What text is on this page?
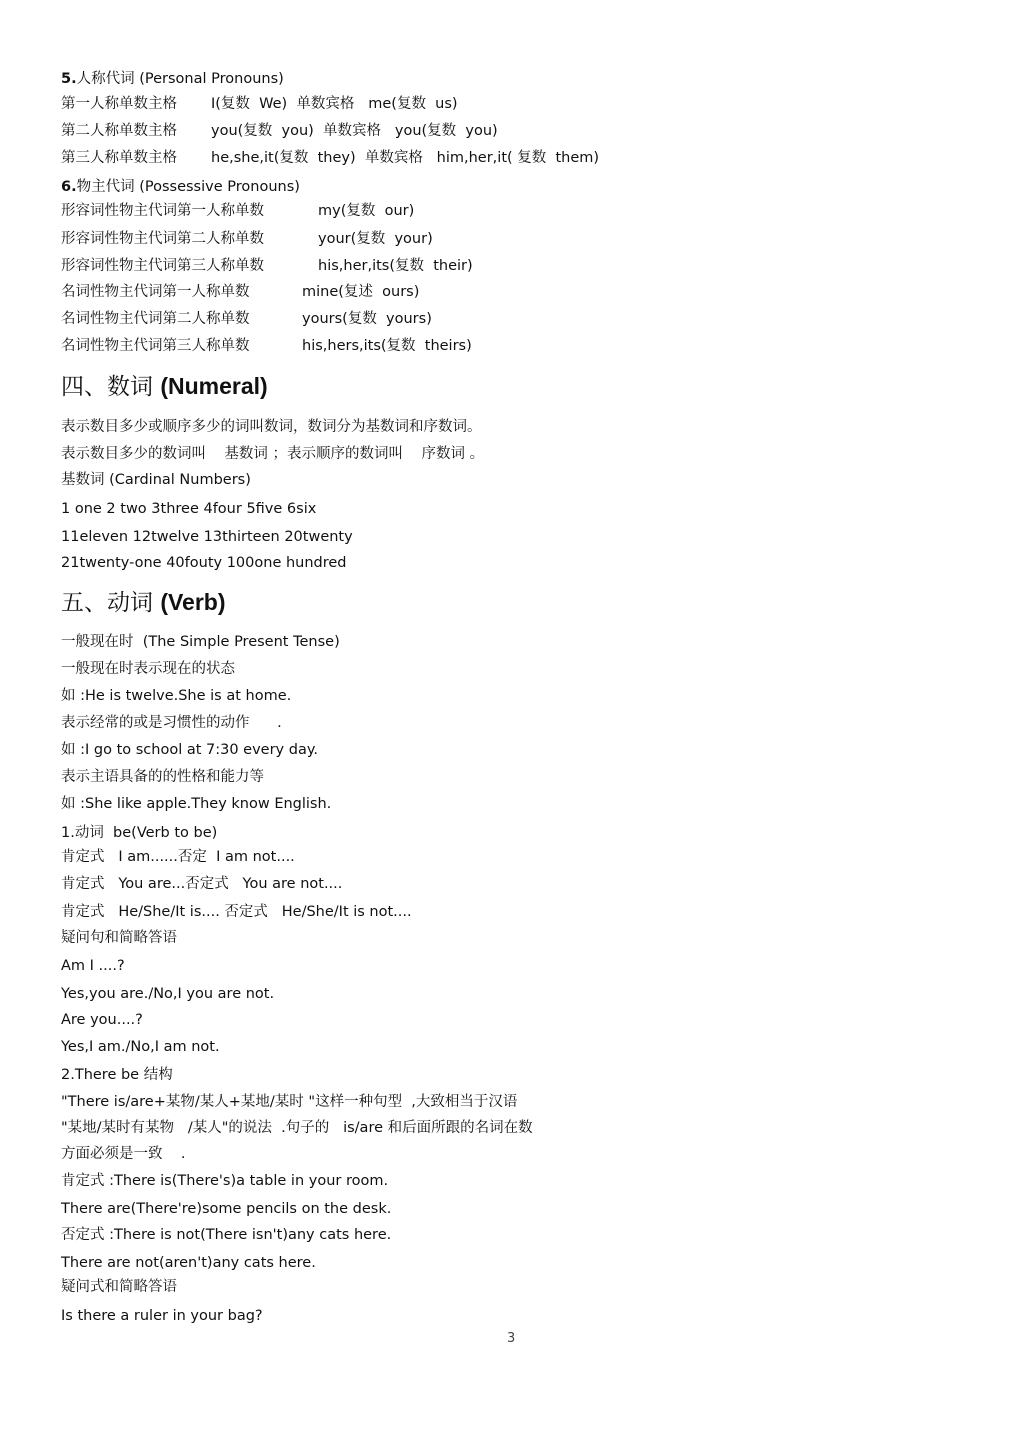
5.人称代词 (Personal Pronouns)
第一人称单数主格 I(复数  We)  单数宾格   me(复数  us)
第二人称单数主格 you(复数  you)  单数宾格   you(复数  you)
第三人称单数主格 he,she,it(复数  they)  单数宾格   him,her,it( 复数  them)
6.物主代词 (Possessive Pronouns)
形容词性物主代词第一人称单数	my(复数  our)
形容词性物主代词第二人称单数	your(复数  your)
形容词性物主代词第三人称单数	his,her,its(复数  their)
名词性物主代词第一人称单数	mine(复述  ours)
名词性物主代词第二人称单数	yours(复数  yours)
名词性物主代词第三人称单数	his,hers,its(复数  theirs)
四、数词 (Numeral)
表示数目多少或顺序多少的词叫数词，数词分为基数词和序数词。
表示数目多少的数词叫    基数词 ；表示顺序的数词叫    序数词 。
基数词 (Cardinal Numbers)
1 one 2 two 3three 4four 5five 6six
11eleven 12twelve 13thirteen 20twenty
21twenty-one 40fouty 100one hundred
五、动词 (Verb)
一般现在时  (The Simple Present Tense)
一般现在时表示现在的状态
如 :He is twelve.She is at home.
表示经常的或是习惯性的动作      .
如 :I go to school at 7:30 every day.
表示主语具备的的性格和能力等
如 :She like apple.They know English.
1.动词  be(Verb to be)
肯定式   I am......否定  I am not....
肯定式   You are...否定式   You are not....
肯定式   He/She/It is.... 否定式   He/She/It is not....
疑问句和简略答语
Am I ....?
Yes,you are./No,I you are not.
Are you....?
Yes,I am./No,I am not.
2.There be 结构
"There is/are+某物/某人+某地/某时 "这样一种句型  ,大致相当于汉语
"某地/某时有某物   /某人"的说法  .句子的   is/are 和后面所跟的名词在数
方面必须是一致    .
肯定式 :There is(There's)a table in your room.
There are(There're)some pencils on the desk.
否定式 :There is not(There isn't)any cats here.
There are not(aren't)any cats here.
疑问式和简略答语
Is there a ruler in your bag?
3
